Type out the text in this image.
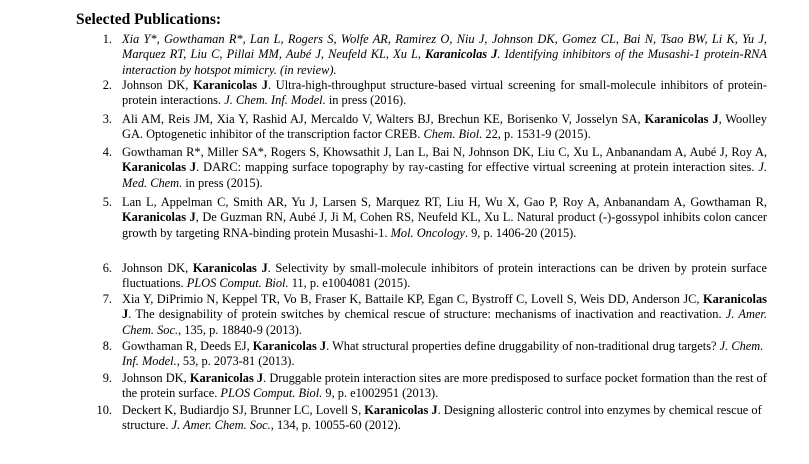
Selected Publications:
1. Xia Y*, Gowthaman R*, Lan L, Rogers S, Wolfe AR, Ramirez O, Niu J, Johnson DK, Gomez CL, Bai N, Tsao BW, Li K, Yu J, Marquez RT, Liu C, Pillai MM, Aubé J, Neufeld KL, Xu L, Karanicolas J. Identifying inhibitors of the Musashi-1 protein-RNA interaction by hotspot mimicry. (in review).
2. Johnson DK, Karanicolas J. Ultra-high-throughput structure-based virtual screening for small-molecule inhibitors of protein-protein interactions. J. Chem. Inf. Model. in press (2016).
3. Ali AM, Reis JM, Xia Y, Rashid AJ, Mercaldo V, Walters BJ, Brechun KE, Borisenko V, Josselyn SA, Karanicolas J, Woolley GA. Optogenetic inhibitor of the transcription factor CREB. Chem. Biol. 22, p. 1531-9 (2015).
4. Gowthaman R*, Miller SA*, Rogers S, Khowsathit J, Lan L, Bai N, Johnson DK, Liu C, Xu L, Anbanandam A, Aubé J, Roy A, Karanicolas J. DARC: mapping surface topography by ray-casting for effective virtual screening at protein interaction sites. J. Med. Chem. in press (2015).
5. Lan L, Appelman C, Smith AR, Yu J, Larsen S, Marquez RT, Liu H, Wu X, Gao P, Roy A, Anbanandam A, Gowthaman R, Karanicolas J, De Guzman RN, Aubé J, Ji M, Cohen RS, Neufeld KL, Xu L. Natural product (-)-gossypol inhibits colon cancer growth by targeting RNA-binding protein Musashi-1. Mol. Oncology. 9, p. 1406-20 (2015).
6. Johnson DK, Karanicolas J. Selectivity by small-molecule inhibitors of protein interactions can be driven by protein surface fluctuations. PLOS Comput. Biol. 11, p. e1004081 (2015).
7. Xia Y, DiPrimio N, Keppel TR, Vo B, Fraser K, Battaile KP, Egan C, Bystroff C, Lovell S, Weis DD, Anderson JC, Karanicolas J. The designability of protein switches by chemical rescue of structure: mechanisms of inactivation and reactivation. J. Amer. Chem. Soc., 135, p. 18840-9 (2013).
8. Gowthaman R, Deeds EJ, Karanicolas J. What structural properties define druggability of non-traditional drug targets? J. Chem. Inf. Model., 53, p. 2073-81 (2013).
9. Johnson DK, Karanicolas J. Druggable protein interaction sites are more predisposed to surface pocket formation than the rest of the protein surface. PLOS Comput. Biol. 9, p. e1002951 (2013).
10. Deckert K, Budiardjo SJ, Brunner LC, Lovell S, Karanicolas J. Designing allosteric control into enzymes by chemical rescue of structure. J. Amer. Chem. Soc., 134, p. 10055-60 (2012).
